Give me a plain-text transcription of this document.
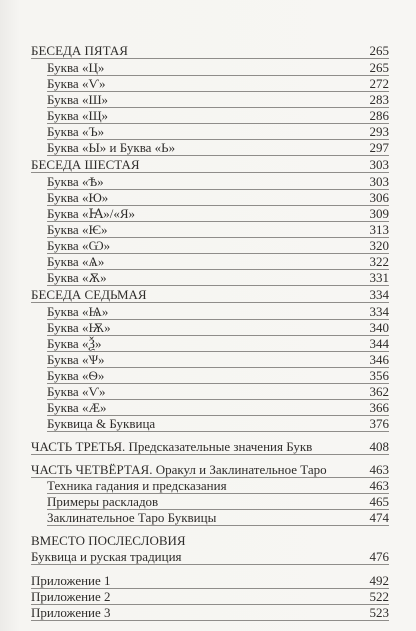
БЕСЕДА ПЯТАЯ	265
Буква «Ц»	265
Буква «Ѵ»	272
Буква «Ш»	283
Буква «Щ»	286
Буква «Ъ»	293
Буква «Ы» и Буква «Ь»	297
БЕСЕДА ШЕСТАЯ	303
Буква «Ѣ»	303
Буква «Ю»	306
Буква «Ꙗ»/«Я»	309
Буква «Ѥ»	313
Буква «Ѡ»	320
Буква «Ѧ»	322
Буква «Ѫ»	331
БЕСЕДА СЕДЬМАЯ	334
Буква «Ѩ»	334
Буква «Ѭ»	340
Буква «Ѯ»	344
Буква «Ѱ»	346
Буква «Ѳ»	356
Буква «Ѵ»	362
Буква «Ӕ»	366
Буквица & Буквица	376
ЧАСТЬ ТРЕТЬЯ. Предсказательные значения Букв	408
ЧАСТЬ ЧЕТВЁРТАЯ. Оракул и Заклинательное Таро	463
Техника гадания и предсказания	463
Примеры раскладов	465
Заклинательное Таро Буквицы	474
ВМЕСТО ПОСЛЕСЛОВИЯ
Буквица и руская традиция	476
Приложение 1	492
Приложение 2	522
Приложение 3	523
